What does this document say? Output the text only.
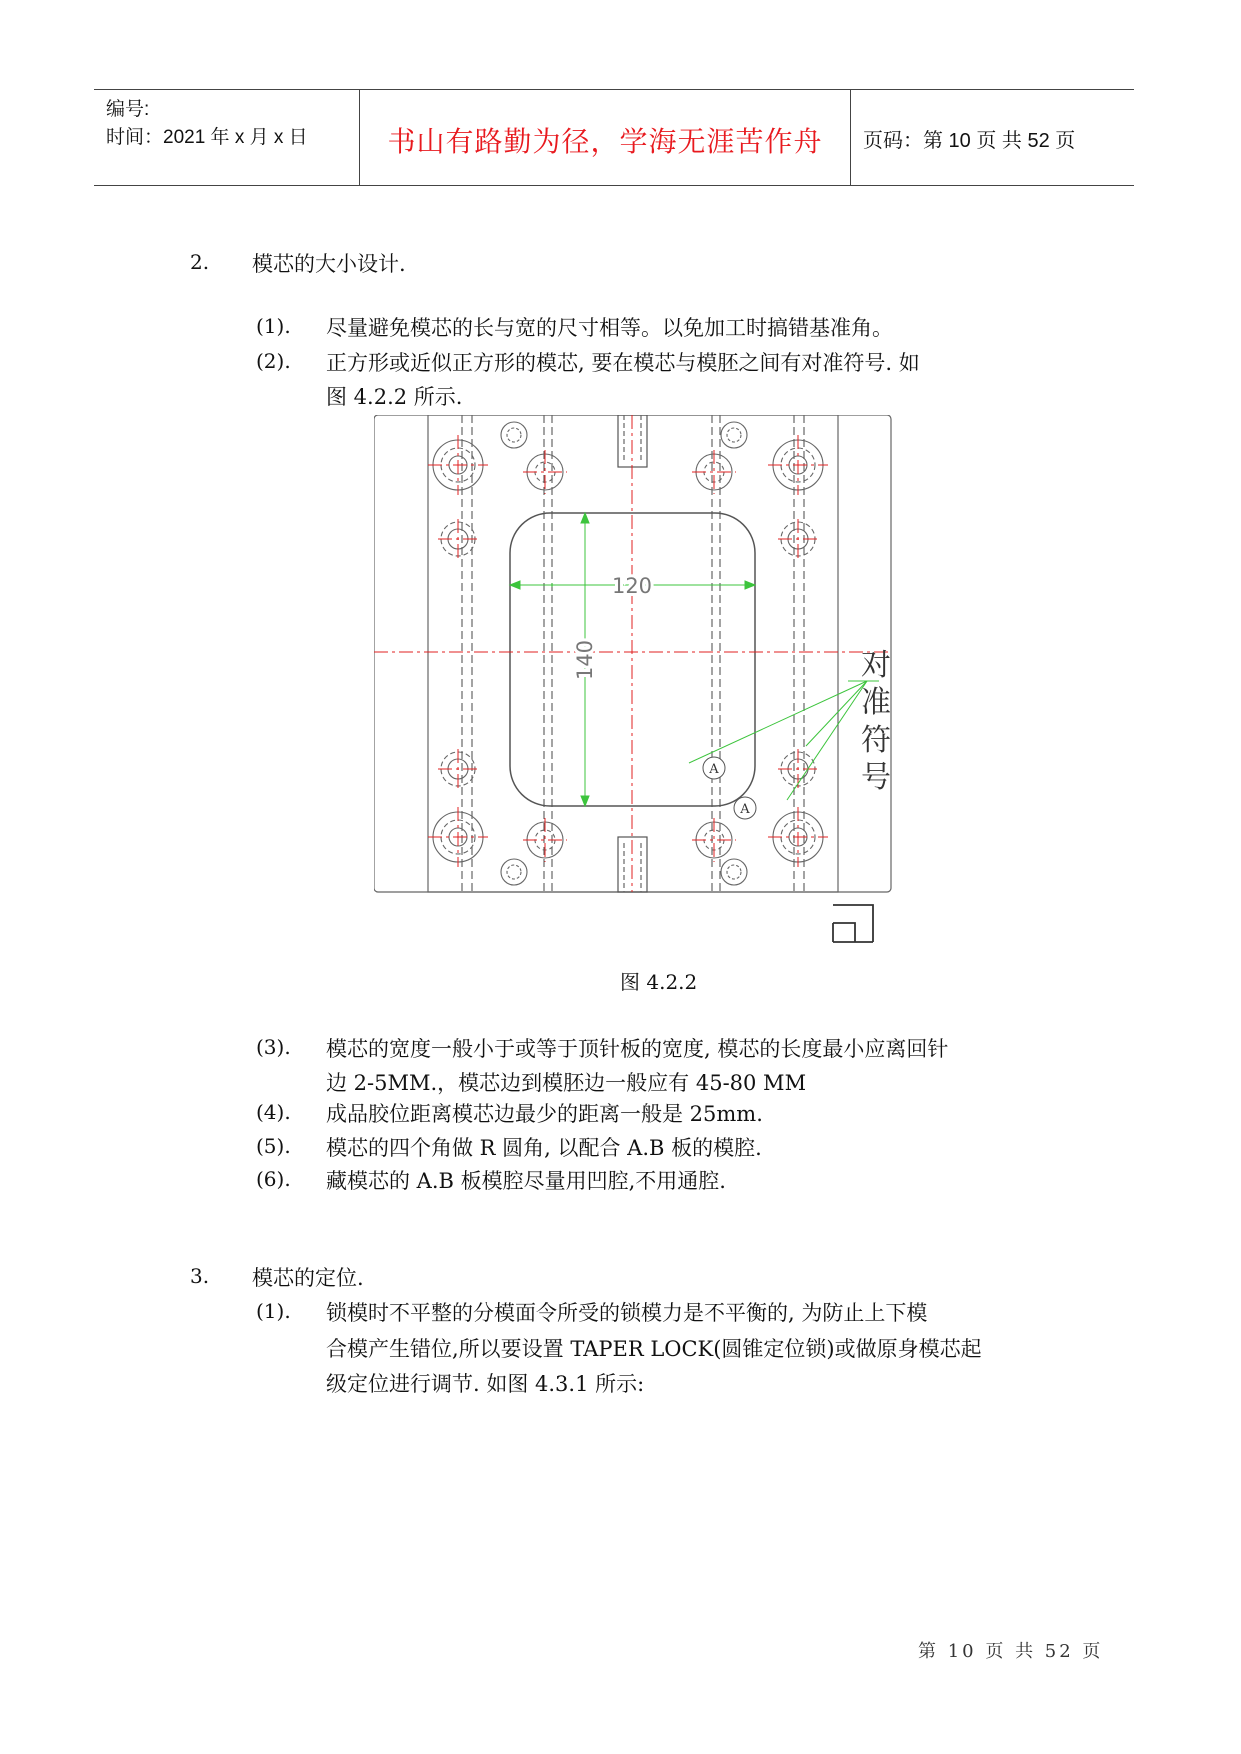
编号:
时间：2021 年 x 月 x 日	书山有路勤为径，学海无涯苦作舟	页码：第 10 页 共 52 页
2. 模芯的大小设计.
(1). 尽量避免模芯的长与宽的尺寸相等。以免加工时搞错基准角。
(2). 正方形或近似正方形的模芯, 要在模芯与模胚之间有对准符号. 如
图 4.2.2 所示.
120
140
A
A
对
准
符
号
图 4.2.2
(3). 模芯的宽度一般小于或等于顶针板的宽度, 模芯的长度最小应离回针
边 2-5MM.，模芯边到模胚边一般应有 45-80 MM
(4). 成品胶位距离模芯边最少的距离一般是 25mm.
(5). 模芯的四个角做 R 圆角, 以配合 A.B 板的模腔.
(6). 藏模芯的 A.B 板模腔尽量用凹腔,不用通腔.
3. 模芯的定位.
(1). 锁模时不平整的分模面令所受的锁模力是不平衡的, 为防止上下模
合模产生错位,所以要设置 TAPER LOCK(圆锥定位锁)或做原身模芯起
级定位进行调节. 如图 4.3.1 所示:
第 10 页 共 52 页
